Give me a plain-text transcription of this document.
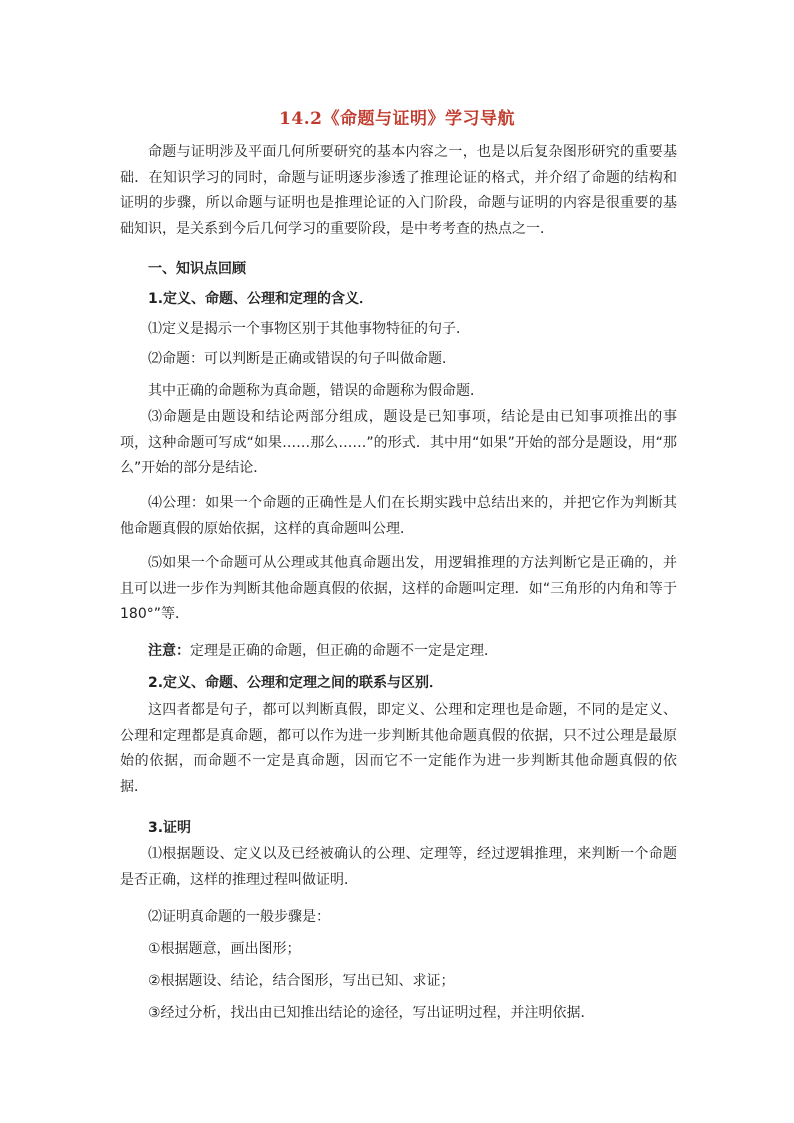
14.2《命题与证明》学习导航
命题与证明涉及平面几何所要研究的基本内容之一，也是以后复杂图形研究的重要基础．在知识学习的同时，命题与证明逐步渗透了推理论证的格式，并介绍了命题的结构和证明的步骤，所以命题与证明也是推理论证的入门阶段，命题与证明的内容是很重要的基础知识，是关系到今后几何学习的重要阶段，是中考考查的热点之一．
一、知识点回顾
1.定义、命题、公理和定理的含义．
⑴定义是揭示一个事物区别于其他事物特征的句子．
⑵命题：可以判断是正确或错误的句子叫做命题．
其中正确的命题称为真命题，错误的命题称为假命题．
⑶命题是由题设和结论两部分组成，题设是已知事项，结论是由已知事项推出的事项，这种命题可写成“如果……那么……”的形式．其中用“如果”开始的部分是题设，用“那么”开始的部分是结论．
⑷公理：如果一个命题的正确性是人们在长期实践中总结出来的，并把它作为判断其他命题真假的原始依据，这样的真命题叫公理．
⑸如果一个命题可从公理或其他真命题出发，用逻辑推理的方法判断它是正确的，并且可以进一步作为判断其他命题真假的依据，这样的命题叫定理．如“三角形的内角和等于 180°”等．
注意：定理是正确的命题，但正确的命题不一定是定理．
2.定义、命题、公理和定理之间的联系与区别．
这四者都是句子，都可以判断真假，即定义、公理和定理也是命题，不同的是定义、公理和定理都是真命题，都可以作为进一步判断其他命题真假的依据，只不过公理是最原始的依据，而命题不一定是真命题，因而它不一定能作为进一步判断其他命题真假的依据．
3.证明
⑴根据题设、定义以及已经被确认的公理、定理等，经过逻辑推理，来判断一个命题是否正确，这样的推理过程叫做证明．
⑵证明真命题的一般步骤是：
①根据题意，画出图形；
②根据题设、结论，结合图形，写出已知、求证；
③经过分析，找出由已知推出结论的途径，写出证明过程，并注明依据．
